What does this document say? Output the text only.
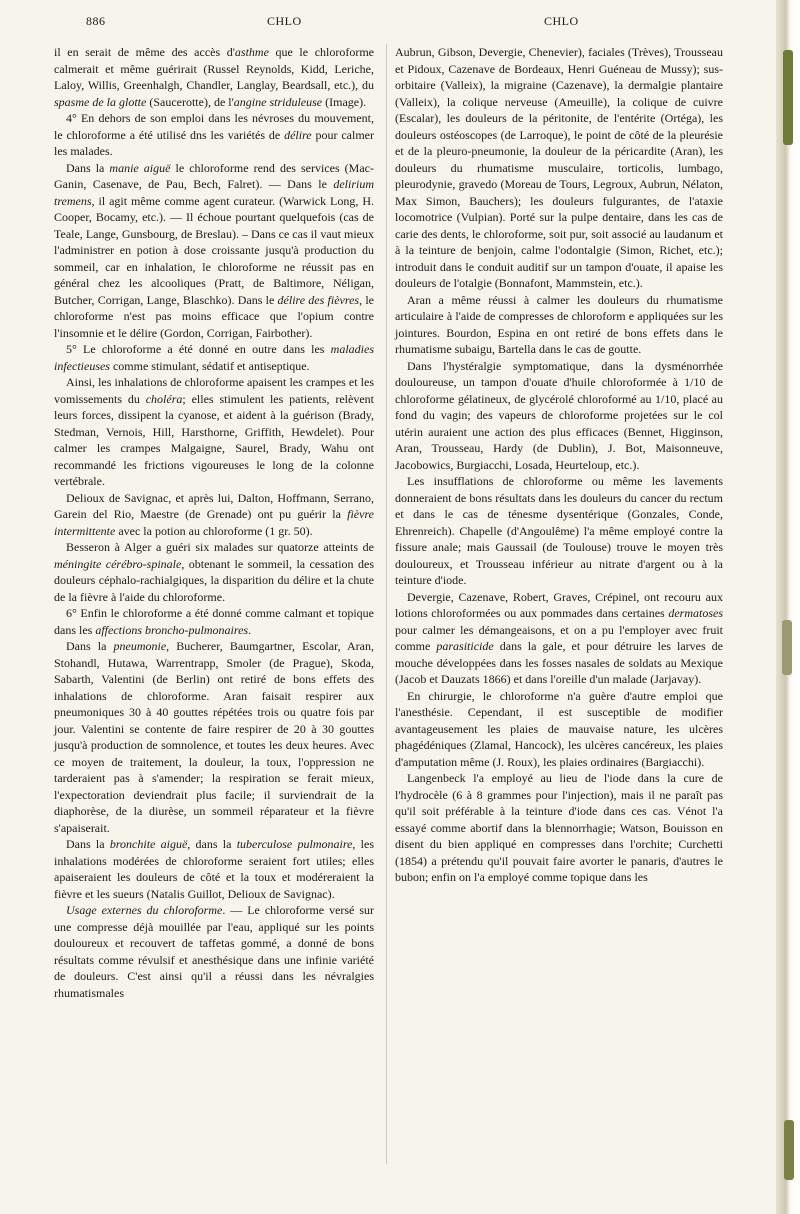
886	CHLO	CHLO

il en serait de même des accès d'asthme que le chloroforme calmerait et même guérirait (Russel Reynolds, Kidd, Leriche, Laloy, Willis, Greenhalgh, Chandler, Langlay, Beardsall, etc.), du spasme de la glotte (Saucerotte), de l'angine striduleuse (Image).

4° En dehors de son emploi dans les névroses du mouvement, le chloroforme a été utilisé dns les variétés de délire pour calmer les malades.

Dans la manie aiguë le chloroforme rend des services (Mac-Ganin, Casenave, de Pau, Bech, Falret). — Dans le delirium tremens, il agit même comme agent curateur. (Warwick Long, H. Cooper, Bocamy, etc.). — Il échoue pourtant quelquefois (cas de Teale, Lange, Gunsbourg, de Breslau). – Dans ce cas il vaut mieux l'administrer en potion à dose croissante jusqu'à production du sommeil, car en inhalation, le chloroforme ne réussit pas en général chez les alcooliques (Pratt, de Baltimore, Néligan, Butcher, Corrigan, Lange, Blaschko). Dans le délire des fièvres, le chloroforme n'est pas moins efficace que l'opium contre l'insomnie et le délire (Gordon, Corrigan, Fairbother).

5° Le chloroforme a été donné en outre dans les maladies infectieuses comme stimulant, sédatif et antiseptique.

Ainsi, les inhalations de chloroforme apaisent les crampes et les vomissements du choléra; elles stimulent les patients, relèvent leurs forces, dissipent la cyanose, et aident à la guérison (Brady, Stedman, Vernois, Hill, Harsthorne, Griffith, Hewdelet). Pour calmer les crampes Malgaigne, Saurel, Brady, Wahu ont recommandé les frictions vigoureuses le long de la colonne vertébrale.

Delioux de Savignac, et après lui, Dalton, Hoffmann, Serrano, Garein del Rio, Maestre (de Grenade) ont pu guérir la fièvre intermittente avec la potion au chloroforme (1 gr. 50).

Besseron à Alger a guéri six malades sur quatorze atteints de méningite cérébro-spinale, obtenant le sommeil, la cessation des douleurs céphalo-rachialgiques, la disparition du délire et la chute de la fièvre à l'aide du chloroforme.

6° Enfin le chloroforme a été donné comme calmant et topique dans les affections broncho-pulmonaires.

Dans la pneumonie, Bucherer, Baumgartner, Escolar, Aran, Stohandl, Hutawa, Warrentrapp, Smoler (de Prague), Skoda, Sabarth, Valentini (de Berlin) ont retiré de bons effets des inhalations de chloroforme. Aran faisait respirer aux pneumoniques 30 à 40 gouttes répétées trois ou quatre fois par jour. Valentini se contente de faire respirer de 20 à 30 gouttes jusqu'à production de somnolence, et toutes les deux heures. Avec ce moyen de traitement, la douleur, la toux, l'oppression ne tarderaient pas à s'amender; la respiration se ferait mieux, l'expectoration deviendrait plus facile; il surviendrait de la diaphorèse, de la diurèse, un sommeil réparateur et la fièvre s'apaiserait.

Dans la bronchite aiguë, dans la tuberculose pulmonaire, les inhalations modérées de chloroforme seraient fort utiles; elles apaiseraient les douleurs de côté et la toux et modéreraient la fièvre et les sueurs (Natalis Guillot, Delioux de Savignac).

Usage externes du chloroforme. — Le chloroforme versé sur une compresse déjà mouillée par l'eau, appliqué sur les points douloureux et recouvert de taffetas gommé, a donné de bons résultats comme révulsif et anesthésique dans une infinie variété de douleurs. C'est ainsi qu'il a réussi dans les névralgies rhumatismales

Aubrun, Gibson, Devergie, Chenevier), faciales (Trèves), Trousseau et Pidoux, Cazenave de Bordeaux, Henri Guéneau de Mussy); sus-orbitaire (Valleix), la migraine (Cazenave), la dermalgie plantaire (Valleix), la colique nerveuse (Ameuille), la colique de cuivre (Escalar), les douleurs de la péritonite, de l'entérite (Ortéga), les douleurs ostéoscopes (de Larroque), le point de côté de la pleurésie et de la pleuro-pneumonie, la douleur de la péricardite (Aran), les douleurs du rhumatisme musculaire, torticolis, lumbago, pleurodynie, gravedo (Moreau de Tours, Legroux, Aubrun, Nélaton, Max Simon, Bauchers); les douleurs fulgurantes, de l'ataxie locomotrice (Vulpian). Porté sur la pulpe dentaire, dans les cas de carie des dents, le chloroforme, soit pur, soit associé au laudanum et à la teinture de benjoin, calme l'odontalgie (Simon, Richet, etc.); introduit dans le conduit auditif sur un tampon d'ouate, il apaise les douleurs de l'otalgie (Bonnafont, Mammstein, etc.).

Aran a même réussi à calmer les douleurs du rhumatisme articulaire à l'aide de compresses de chloroform e appliquées sur les jointures. Bourdon, Espina en ont retiré de bons effets dans le rhumatisme subaigu, Bartella dans le cas de goutte.

Dans l'hystéralgie symptomatique, dans la dysménorrhée douloureuse, un tampon d'ouate d'huile chloroformée à 1/10 de chloroforme gélatineux, de glycérolé chloroformé au 1/10, placé au fond du vagin; des vapeurs de chloroforme projetées sur le col utérin auraient une action des plus efficaces (Bennet, Higginson, Aran, Trousseau, Hardy (de Dublin), J. Bot, Maisonneuve, Jacobowics, Burgiacchi, Losada, Heurteloup, etc.).

Les insufflations de chloroforme ou même les lavements donneraient de bons résultats dans les douleurs du cancer du rectum et dans le cas de ténesme dysentérique (Gonzales, Conde, Ehrenreich). Chapelle (d'Angoulême) l'a même employé contre la fissure anale; mais Gaussail (de Toulouse) trouve le moyen très douloureux, et Trousseau inférieur au nitrate d'argent ou à la teinture d'iode.

Devergie, Cazenave, Robert, Graves, Crépinel, ont recouru aux lotions chloroformées ou aux pommades dans certaines dermatoses pour calmer les démangeaisons, et on a pu l'employer avec fruit comme parasiticide dans la gale, et pour détruire les larves de mouche développées dans les fosses nasales de soldats au Mexique (Jacob et Dauzats 1866) et dans l'oreille d'un malade (Jarjavay).

En chirurgie, le chloroforme n'a guère d'autre emploi que l'anesthésie. Cependant, il est susceptible de modifier avantageusement les plaies de mauvaise nature, les ulcères phagédéniques (Zlamal, Hancock), les ulcères cancéreux, les plaies d'amputation même (J. Roux), les plaies ordinaires (Bargiacchi).

Langenbeck l'a employé au lieu de l'iode dans la cure de l'hydrocèle (6 à 8 grammes pour l'injection), mais il ne paraît pas qu'il soit préférable à la teinture d'iode dans ces cas. Vénot l'a essayé comme abortif dans la blennorrhagie; Watson, Bouisson en disent du bien appliqué en compresses dans l'orchite; Curchetti (1854) a prétendu qu'il pouvait faire avorter le panaris, d'autres le bubon; enfin on l'a employé comme topique dans les
